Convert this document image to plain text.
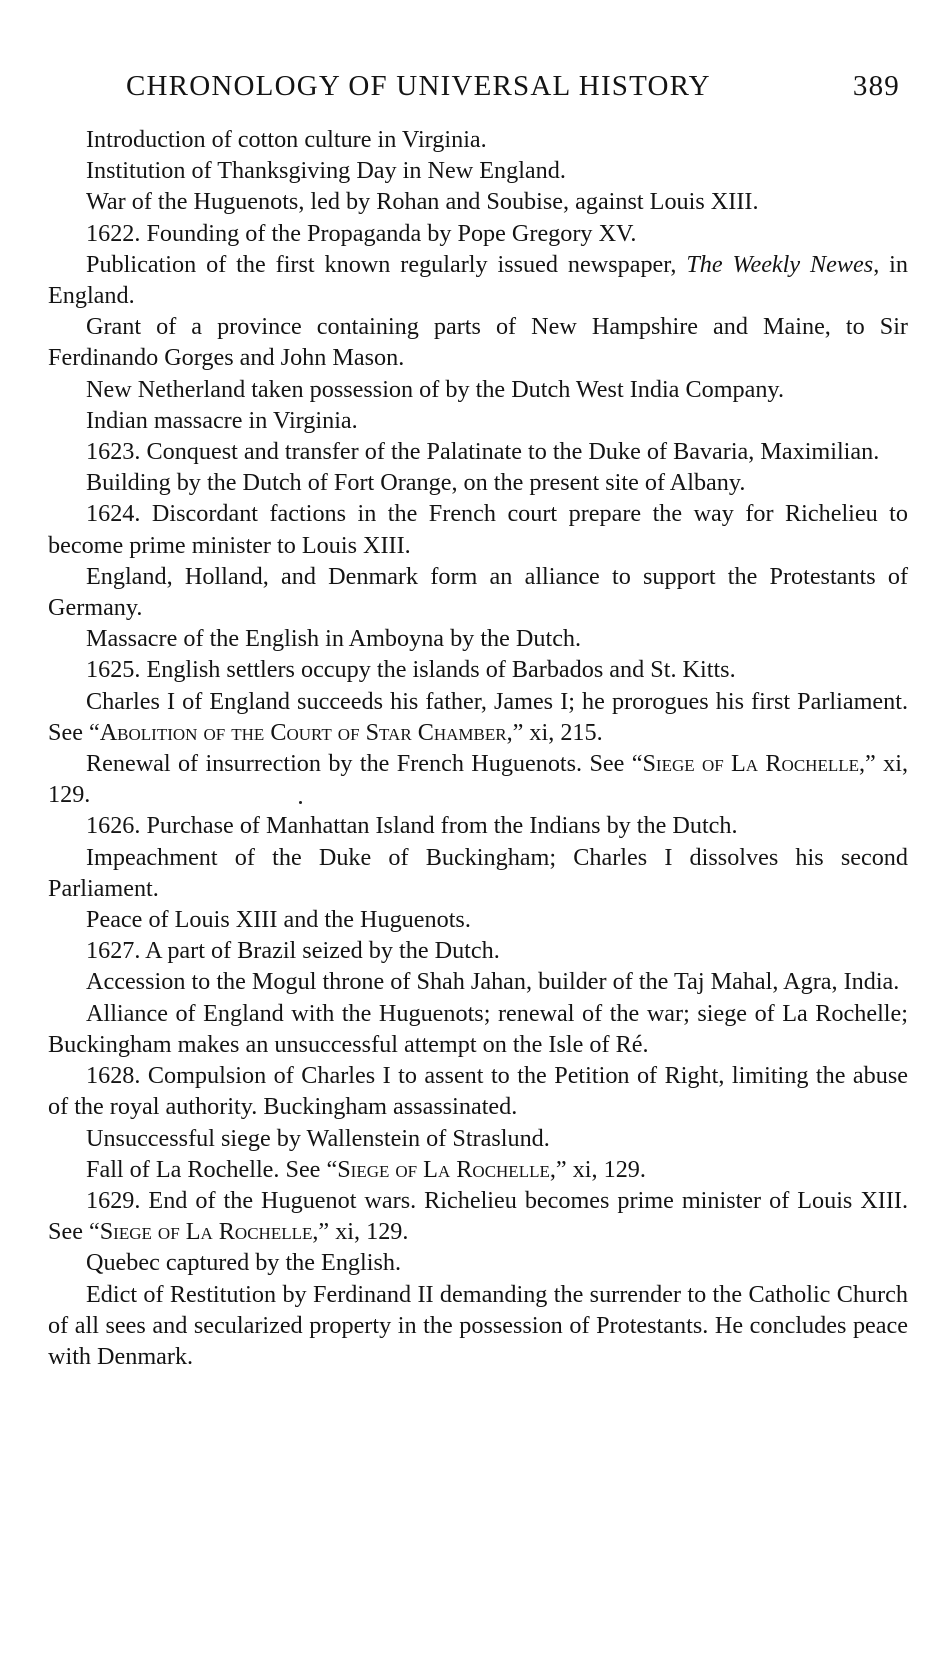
CHRONOLOGY OF UNIVERSAL HISTORY	389

Introduction of cotton culture in Virginia.

Institution of Thanksgiving Day in New England.

War of the Huguenots, led by Rohan and Soubise, against Louis XIII.

1622. Founding of the Propaganda by Pope Gregory XV.

Publication of the first known regularly issued newspaper, The Weekly Newes, in England.

Grant of a province containing parts of New Hampshire and Maine, to Sir Ferdinando Gorges and John Mason.

New Netherland taken possession of by the Dutch West India Company.

Indian massacre in Virginia.

1623. Conquest and transfer of the Palatinate to the Duke of Bavaria, Maximilian.

Building by the Dutch of Fort Orange, on the present site of Albany.

1624. Discordant factions in the French court prepare the way for Richelieu to become prime minister to Louis XIII.

England, Holland, and Denmark form an alliance to support the Protestants of Germany.

Massacre of the English in Amboyna by the Dutch.

1625. English settlers occupy the islands of Barbados and St. Kitts.

Charles I of England succeeds his father, James I; he prorogues his first Parliament. See “Abolition of the Court of Star Chamber,” xi, 215.

Renewal of insurrection by the French Huguenots. See “Siege of La Rochelle,” xi, 129.

1626. Purchase of Manhattan Island from the Indians by the Dutch.

Impeachment of the Duke of Buckingham; Charles I dissolves his second Parliament.

Peace of Louis XIII and the Huguenots.

1627. A part of Brazil seized by the Dutch.

Accession to the Mogul throne of Shah Jahan, builder of the Taj Mahal, Agra, India.

Alliance of England with the Huguenots; renewal of the war; siege of La Rochelle; Buckingham makes an unsuccessful attempt on the Isle of Ré.

1628. Compulsion of Charles I to assent to the Petition of Right, limiting the abuse of the royal authority. Buckingham assassinated.

Unsuccessful siege by Wallenstein of Straslund.

Fall of La Rochelle. See “Siege of La Rochelle,” xi, 129.

1629. End of the Huguenot wars. Richelieu becomes prime minister of Louis XIII. See “Siege of La Rochelle,” xi, 129.

Quebec captured by the English.

Edict of Restitution by Ferdinand II demanding the surrender to the Catholic Church of all sees and secularized property in the possession of Protestants. He concludes peace with Denmark.
